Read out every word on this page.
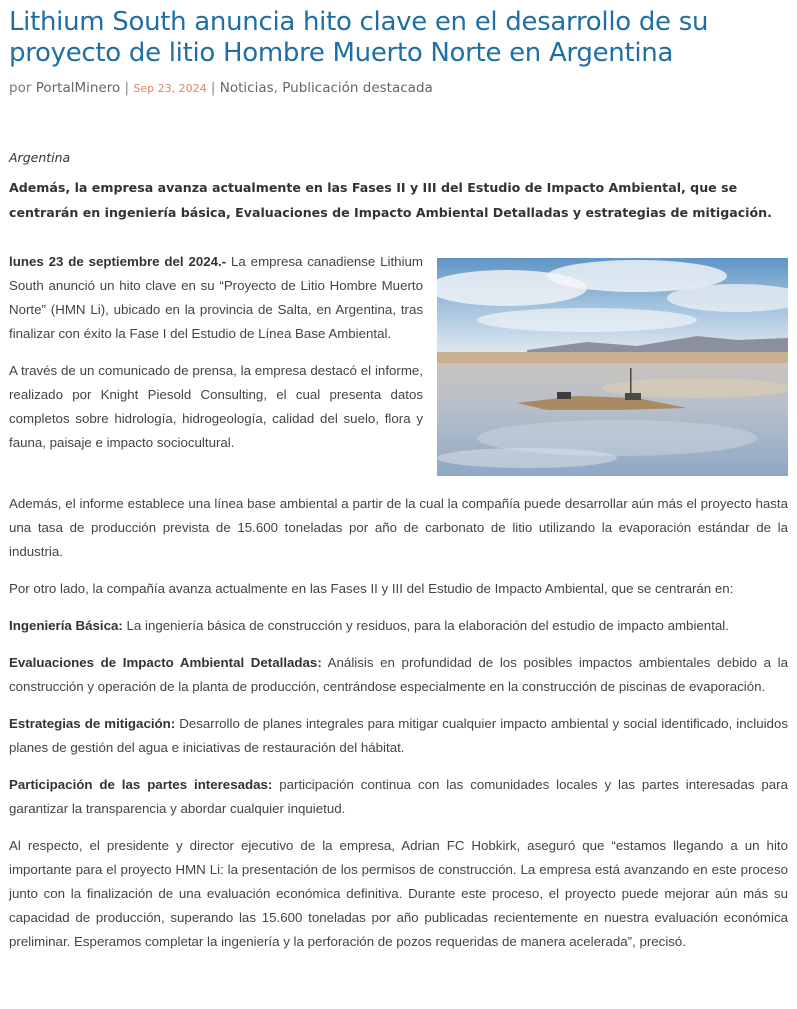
Lithium South anuncia hito clave en el desarrollo de su proyecto de litio Hombre Muerto Norte en Argentina
por PortalMinero | Sep 23, 2024 | Noticias, Publicación destacada
Argentina

Además, la empresa avanza actualmente en las Fases II y III del Estudio de Impacto Ambiental, que se centrarán en ingeniería básica, Evaluaciones de Impacto Ambiental Detalladas y estrategias de mitigación.

lunes 23 de septiembre del 2024.- La empresa canadiense Lithium South anunció un hito clave en su “Proyecto de Litio Hombre Muerto Norte” (HMN Li), ubicado en la provincia de Salta, en Argentina, tras finalizar con éxito la Fase I del Estudio de Línea Base Ambiental.

A través de un comunicado de prensa, la empresa destacó el informe, realizado por Knight Piesold Consulting, el cual presenta datos completos sobre hidrología, hidrogeología, calidad del suelo, flora y fauna, paisaje e impacto sociocultural.

Además, el informe establece una línea base ambiental a partir de la cual la compañía puede desarrollar aún más el proyecto hasta una tasa de producción prevista de 15.600 toneladas por año de carbonato de litio utilizando la evaporación estándar de la industria.

Por otro lado, la compañía avanza actualmente en las Fases II y III del Estudio de Impacto Ambiental, que se centrarán en:

Ingeniería Básica: La ingeniería básica de construcción y residuos, para la elaboración del estudio de impacto ambiental.

Evaluaciones de Impacto Ambiental Detalladas: Análisis en profundidad de los posibles impactos ambientales debido a la construcción y operación de la planta de producción, centrándose especialmente en la construcción de piscinas de evaporación.

Estrategias de mitigación: Desarrollo de planes integrales para mitigar cualquier impacto ambiental y social identificado, incluidos planes de gestión del agua e iniciativas de restauración del hábitat.

Participación de las partes interesadas: participación continua con las comunidades locales y las partes interesadas para garantizar la transparencia y abordar cualquier inquietud.

Al respecto, el presidente y director ejecutivo de la empresa, Adrian FC Hobkirk, aseguró que “estamos llegando a un hito importante para el proyecto HMN Li: la presentación de los permisos de construcción. La empresa está avanzando en este proceso junto con la finalización de una evaluación económica definitiva. Durante este proceso, el proyecto puede mejorar aún más su capacidad de producción, superando las 15.600 toneladas por año publicadas recientemente en nuestra evaluación económica preliminar. Esperamos completar la ingeniería y la perforación de pozos requeridas de manera acelerada”, precisó.
